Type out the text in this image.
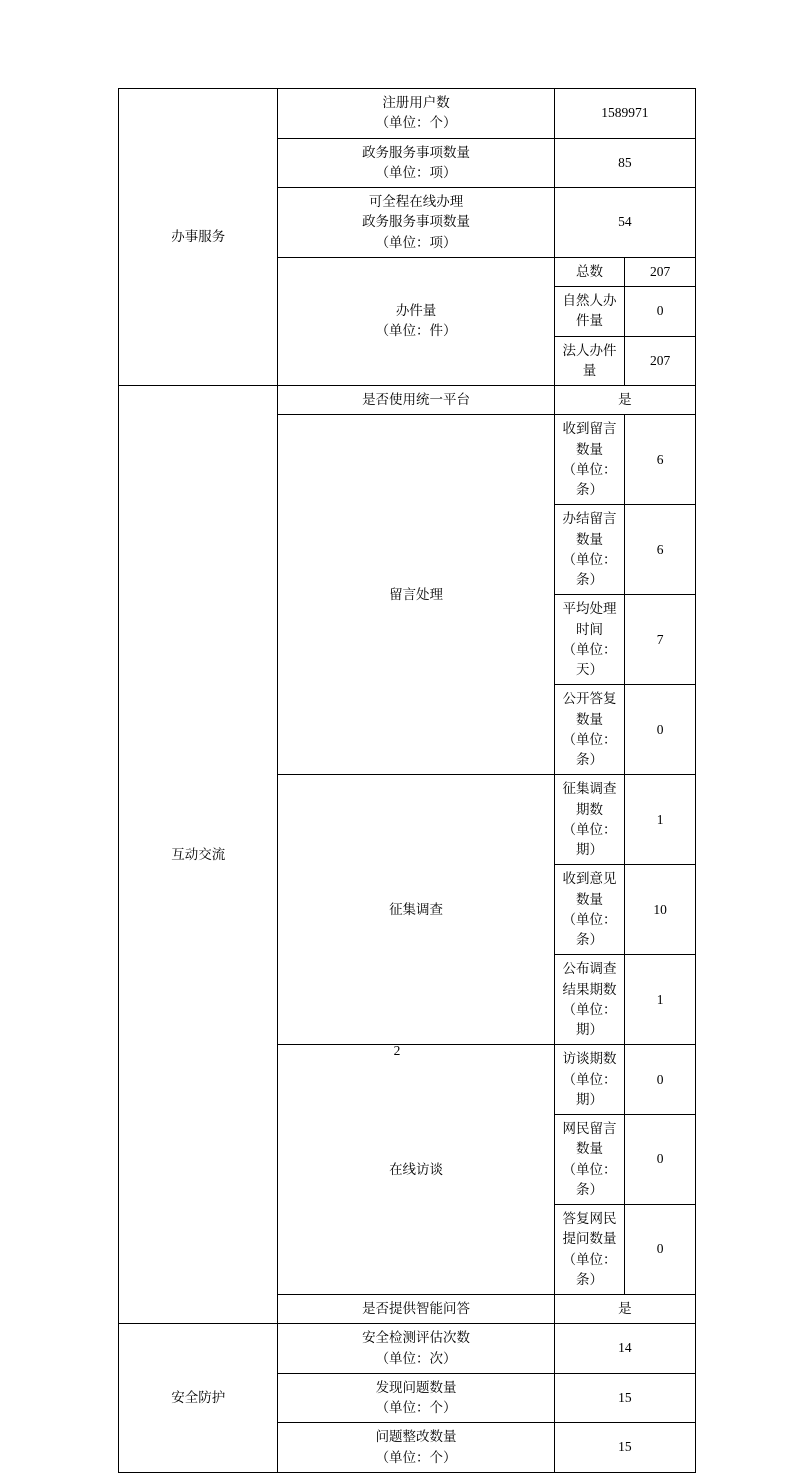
办事服务	注册用户数
（单位：个）	1589971	

	政务服务事项数量
（单位：项）	85	

	可全程在线办理
政务服务事项数量
（单位：项）	54	

	办件量
（单位：件）	总数	207
		自然人办件量	0
		法人办件量	207
互动交流	是否使用统一平台	是	
	留言处理	收到留言数量
（单位：条）	6

		办结留言数量
（单位：条）	6

		平均处理时间
（单位：天）	7

		公开答复数量
（单位：条）	0
	征集调查	征集调查期数
（单位：期）	1

		收到意见数量
（单位：条）	10

		公布调查结果期数
（单位：期）	1
	在线访谈	访谈期数
（单位：期）	0

		网民留言数量
（单位：条）	0

		答复网民提问数量
（单位：条）	0
	是否提供智能问答	是	
安全防护	安全检测评估次数
（单位：次）	14	

	发现问题数量
（单位：个）	15	

	问题整改数量
（单位：个）	15	
2
